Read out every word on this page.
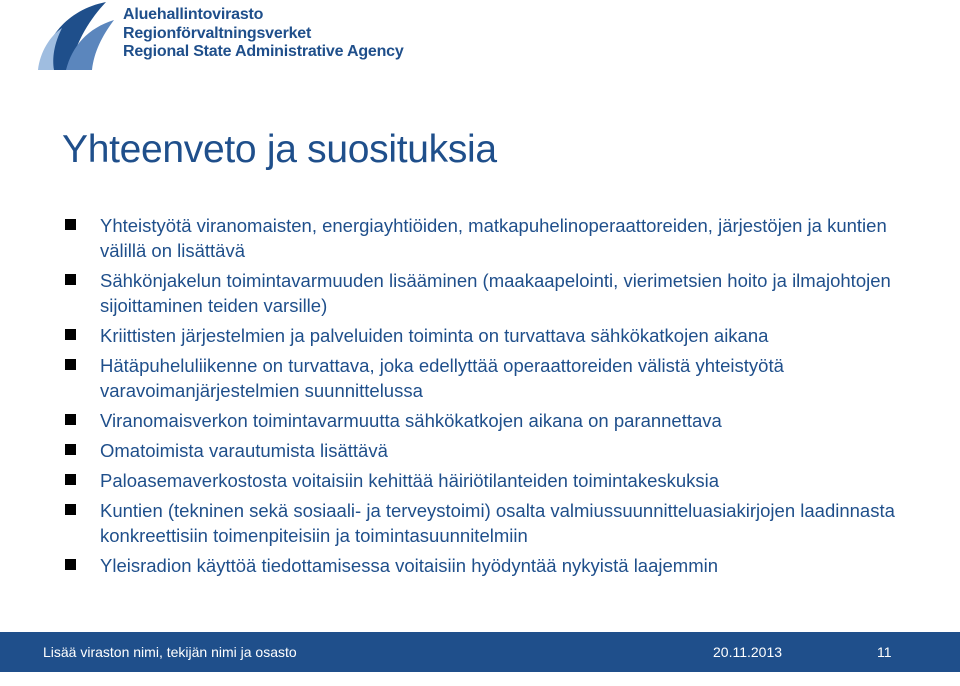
Aluehallintovirasto
Regionförvaltningsverket
Regional State Administrative Agency
Yhteenveto ja suosituksia
Yhteistyötä viranomaisten, energiayhtiöiden, matkapuhelinoperaattoreiden, järjestöjen ja kuntien välillä on lisättävä
Sähkönjakelun toimintavarmuuden lisääminen (maakaapelointi, vierimetsien hoito ja ilmajohtojen sijoittaminen teiden varsille)
Kriittisten järjestelmien ja palveluiden toiminta on turvattava sähkökatkojen aikana
Hätäpuheluliikenne on turvattava, joka edellyttää operaattoreiden välistä yhteistyötä varavoimanjärjestelmien suunnittelussa
Viranomaisverkon toimintavarmuutta sähkökatkojen aikana on parannettava
Omatoimista varautumista lisättävä
Paloasemaverkostosta voitaisiin kehittää häiriötilanteiden toimintakeskuksia
Kuntien (tekninen sekä sosiaali- ja terveystoimi) osalta valmiussuunnitteluasiakirjojen laadinnasta konkreettisiin toimenpiteisiin ja toimintasuunnitelmiin
Yleisradion käyttöä tiedottamisessa voitaisiin hyödyntää nykyistä laajemmin
Lisää viraston nimi, tekijän nimi ja osasto	20.11.2013	11
